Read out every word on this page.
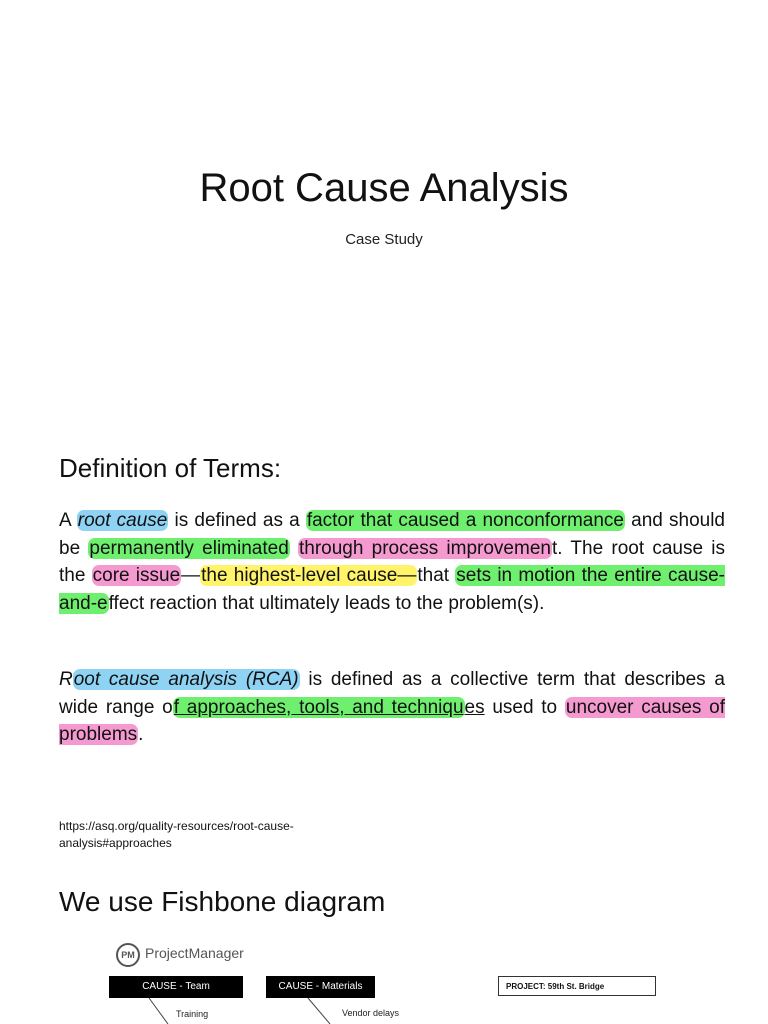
Root Cause Analysis
Case Study
Definition of Terms:
A root cause is defined as a factor that caused a nonconformance and should be permanently eliminated through process improvement. The root cause is the core issue—the highest-level cause—that sets in motion the entire cause-and-effect reaction that ultimately leads to the problem(s).
Root cause analysis (RCA) is defined as a collective term that describes a wide range of approaches, tools, and techniques used to uncover causes of problems.
https://asq.org/quality-resources/root-cause-analysis#approaches
We use Fishbone diagram
PM ProjectManager
CAUSE - Team	CAUSE - Materials	PROJECT: 59th St. Bridge
Training	Vendor delays
